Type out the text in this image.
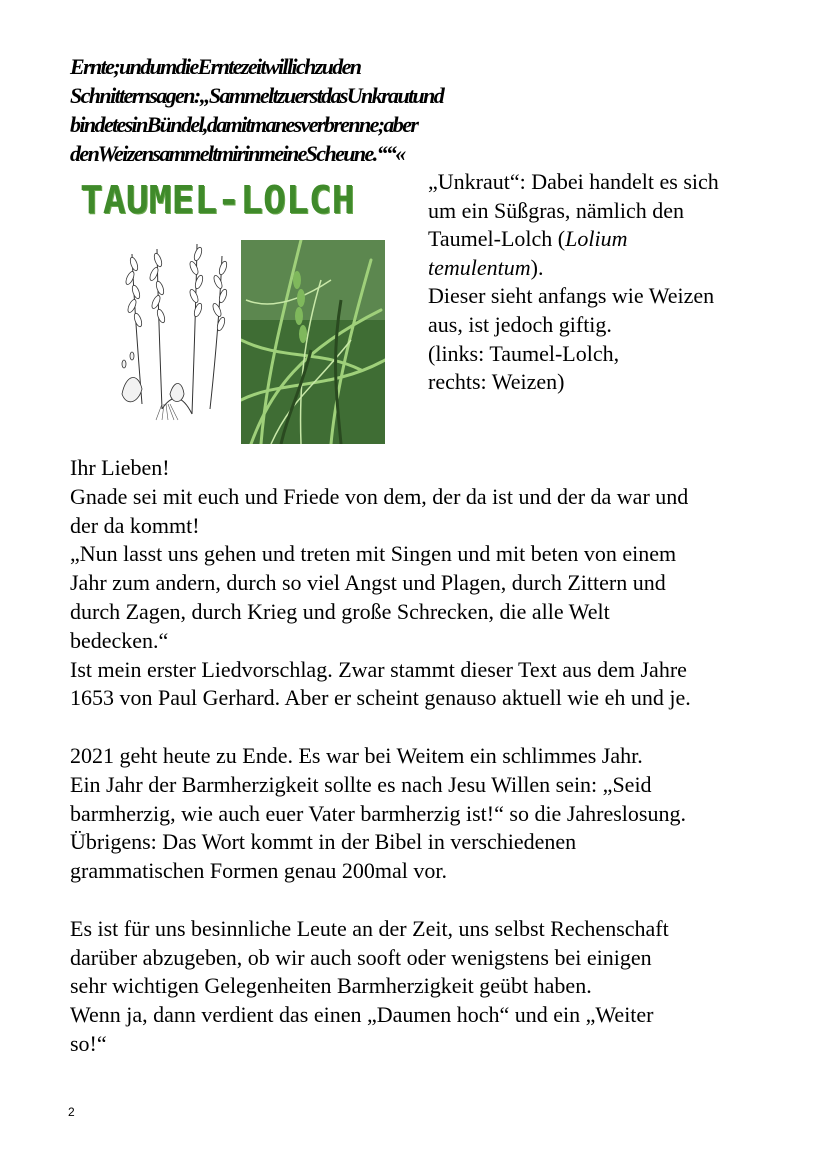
Ernte; und um die Erntezeit will ich zu den
Schnittern sagen: „Sammelt zuerst das Unkraut und
bindet es in Bündel, damit man es verbrenne; aber
den Weizen sammelt mir in meine Scheune.“ “«
TAUMEL-LOLCH	„Unkraut“: Dabei handelt es sich
um ein Süßgras, nämlich den
Taumel-Lolch (Lolium
temulentum).
Dieser sieht anfangs wie Weizen
aus, ist jedoch giftig.
(links: Taumel-Lolch,
rechts: Weizen)
Ihr Lieben!
Gnade sei mit euch und Friede von dem, der da ist und der da war und
der da kommt!
„Nun lasst uns gehen und treten mit Singen und mit beten von einem
Jahr zum andern, durch so viel Angst und Plagen, durch Zittern und
durch Zagen, durch Krieg und große Schrecken, die alle Welt
bedecken.“
Ist mein erster Liedvorschlag. Zwar stammt dieser Text aus dem Jahre
1653 von Paul Gerhard. Aber er scheint genauso aktuell wie eh und je.
2021 geht heute zu Ende. Es war bei Weitem ein schlimmes Jahr.
Ein Jahr der Barmherzigkeit sollte es nach Jesu Willen sein: „Seid
barmherzig, wie auch euer Vater barmherzig ist!“ so die Jahreslosung.
Übrigens: Das Wort kommt in der Bibel in verschiedenen
grammatischen Formen genau 200mal vor.
Es ist für uns besinnliche Leute an der Zeit, uns selbst Rechenschaft
darüber abzugeben, ob wir auch sooft oder wenigstens bei einigen
sehr wichtigen Gelegenheiten Barmherzigkeit geübt haben.
Wenn ja, dann verdient das einen „Daumen hoch“ und ein „Weiter
so!“
2
